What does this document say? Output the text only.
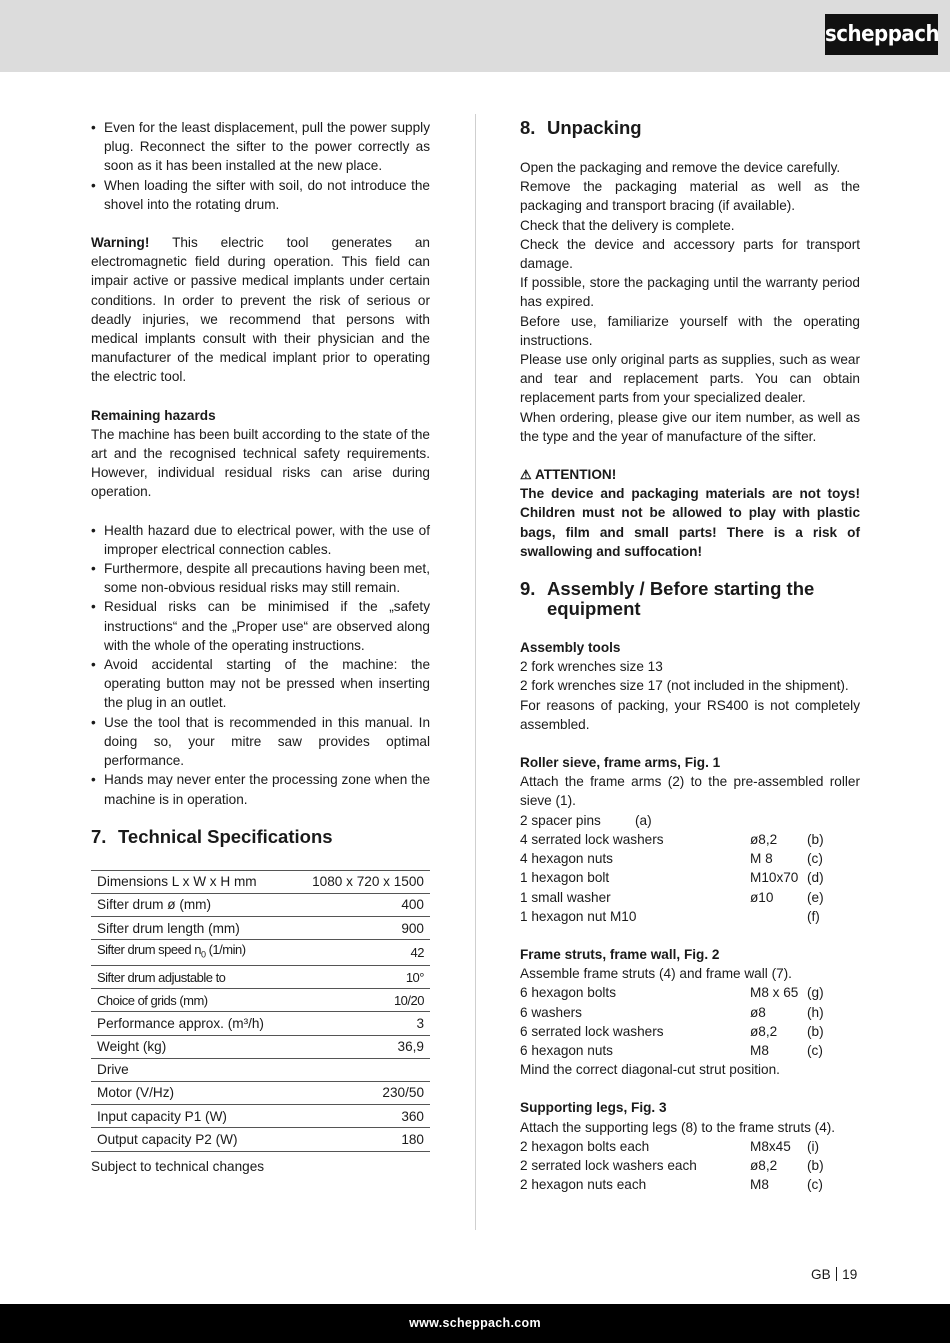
scheppach
• Even for the least displacement, pull the power supply plug. Reconnect the sifter to the power correctly as soon as it has been installed at the new place.
• When loading the sifter with soil, do not introduce the shovel into the rotating drum.

Warning! This electric tool generates an electromagnetic field during operation. This field can impair active or passive medical implants under certain conditions. In order to prevent the risk of serious or deadly injuries, we recommend that persons with medical implants consult with their physician and the manufacturer of the medical implant prior to operating the electric tool.

Remaining hazards

The machine has been built according to the state of the art and the recognised technical safety requirements. However, individual residual risks can arise during operation.

• Health hazard due to electrical power, with the use of improper electrical connection cables.
• Furthermore, despite all precautions having been met, some non-obvious residual risks may still remain.
• Residual risks can be minimised if the „safety instructions“ and the „Proper use“ are observed along with the whole of the operating instructions.
• Avoid accidental starting of the machine: the operating button may not be pressed when inserting the plug in an outlet.
• Use the tool that is recommended in this manual. In doing so, your mitre saw provides optimal performance.
• Hands may never enter the processing zone when the machine is in operation.
7. Technical Specifications
Dimensions L x W x H mm	1080 x 720 x 1500
Sifter drum ø (mm)	400
Sifter drum length (mm)	900
Sifter drum speed $n_0$ (1/min)	42
Sifter drum adjustable to	10°
Choice of grids (mm)	10/20
Performance approx. (m³/h)	3
Weight (kg)	36,9
Drive	
Motor (V/Hz)	230/50
Input capacity P1 (W)	360
Output capacity P2 (W)	180

Subject to technical changes

8. Unpacking

Open the packaging and remove the device carefully.

Remove the packaging material as well as the packaging and transport bracing (if available).

Check that the delivery is complete.

Check the device and accessory parts for transport damage.

If possible, store the packaging until the warranty period has expired.

Before use, familiarize yourself with the operating instructions.

Please use only original parts as supplies, such as wear and tear and replacement parts. You can obtain replacement parts from your specialized dealer.

When ordering, please give our item number, as well as the type and the year of manufacture of the sifter.

⚠ ATTENTION!

The device and packaging materials are not toys! Children must not be allowed to play with plastic bags, film and small parts! There is a risk of swallowing and suffocation!

9. Assembly / Before starting the equipment

Assembly tools

2 fork wrenches size 13

2 fork wrenches size 17 (not included in the shipment).

For reasons of packing, your RS400 is not completely assembled.

Roller sieve, frame arms, Fig. 1

Attach the frame arms (2) to the pre-assembled roller sieve (1).

2 spacer pins (a)		
4 serrated lock washers	ø8,2	(b)
4 hexagon nuts	M 8	(c)
1 hexagon bolt	M10x70	(d)
1 small washer	ø10	(e)
1 hexagon nut M10		(f)

Frame struts, frame wall, Fig. 2

Assemble frame struts (4) and frame wall (7).

6 hexagon bolts	M8 x 65	(g)
6 washers	ø8	(h)
6 serrated lock washers	ø8,2	(b)
6 hexagon nuts	M8	(c)

Mind the correct diagonal-cut strut position.

Supporting legs, Fig. 3

Attach the supporting legs (8) to the frame struts (4).

2 hexagon bolts each	M8x45	(i)
2 serrated lock washers each	ø8,2	(b)
2 hexagon nuts each	M8	(c)
GB 19
www.scheppach.com
